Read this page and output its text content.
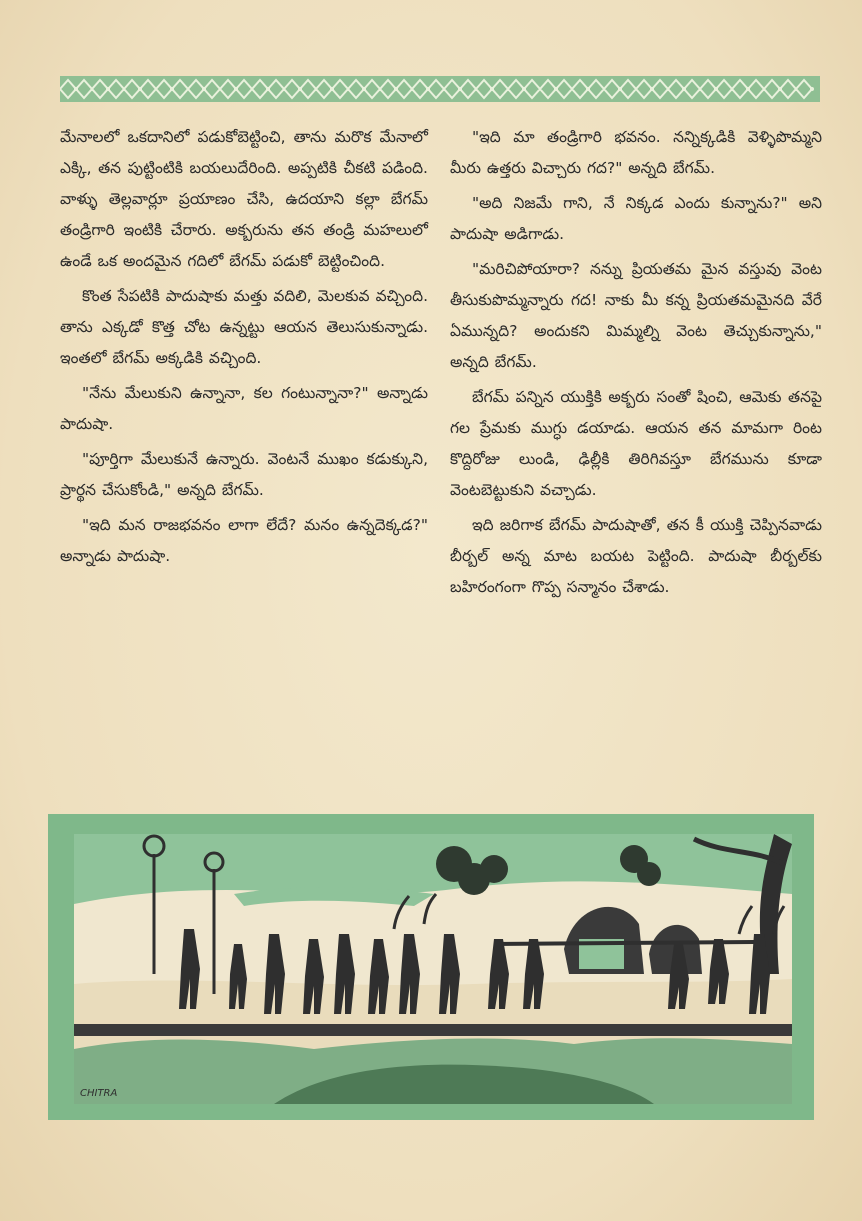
మేనాలలో ఒకదానిలో పడుకోబెట్టించి, తాను మరొక మేనాలో ఎక్కి, తన పుట్టింటికి బయలుదేరింది. అప్పటికి చీకటి పడింది. వాళ్ళు తెల్లవార్లూ ప్రయాణం చేసి, ఉదయాని కల్లా బేగమ్ తండ్రిగారి ఇంటికి చేరారు. అక్బరును తన తండ్రి మహలులో ఉండే ఒక అందమైన గదిలో బేగమ్ పడుకో బెట్టించింది.

కొంత సేపటికి పాదుషాకు మత్తు వదిలి, మెలకువ వచ్చింది. తాను ఎక్కడో కొత్త చోట ఉన్నట్టు ఆయన తెలుసుకున్నాడు. ఇంతలో బేగమ్ అక్కడికి వచ్చింది.

"నేను మేలుకుని ఉన్నానా, కల గంటున్నానా?" అన్నాడు పాదుషా.

"పూర్తిగా మేలుకునే ఉన్నారు. వెంటనే ముఖం కడుక్కుని, ప్రార్థన చేసుకోండి," అన్నది బేగమ్.

"ఇది మన రాజభవనం లాగా లేదే? మనం ఉన్నదెక్కడ?" అన్నాడు పాదుషా.

"ఇది మా తండ్రిగారి భవనం. నన్నిక్కడికి వెళ్ళిపొమ్మని మీరు ఉత్తరు విచ్చారు గద?" అన్నది బేగమ్.

"అది నిజమే గాని, నే నిక్కడ ఎందు కున్నాను?" అని పాదుషా అడిగాడు.

"మరిచిపోయారా? నన్ను ప్రియతమ మైన వస్తువు వెంట తీసుకుపొమ్మన్నారు గద! నాకు మీ కన్న ప్రియతమమైనది వేరే ఏమున్నది? అందుకని మిమ్మల్ని వెంట తెచ్చుకున్నాను," అన్నది బేగమ్.

బేగమ్ పన్నిన యుక్తికి అక్బరు సంతో షించి, ఆమెకు తనపై గల ప్రేమకు ముగ్ధు డయాడు. ఆయన తన మామగా రింట కొద్దిరోజు లుండి, ఢిల్లీకి తిరిగివస్తూ బేగమును కూడా వెంటబెట్టుకుని వచ్చాడు.

ఇది జరిగాక బేగమ్ పాదుషాతో, తన కీ యుక్తి చెప్పినవాడు బీర్బల్ అన్న మాట బయట పెట్టింది. పాదుషా బీర్బల్‌కు బహిరంగంగా గొప్ప సన్మానం చేశాడు.

CHITRA
